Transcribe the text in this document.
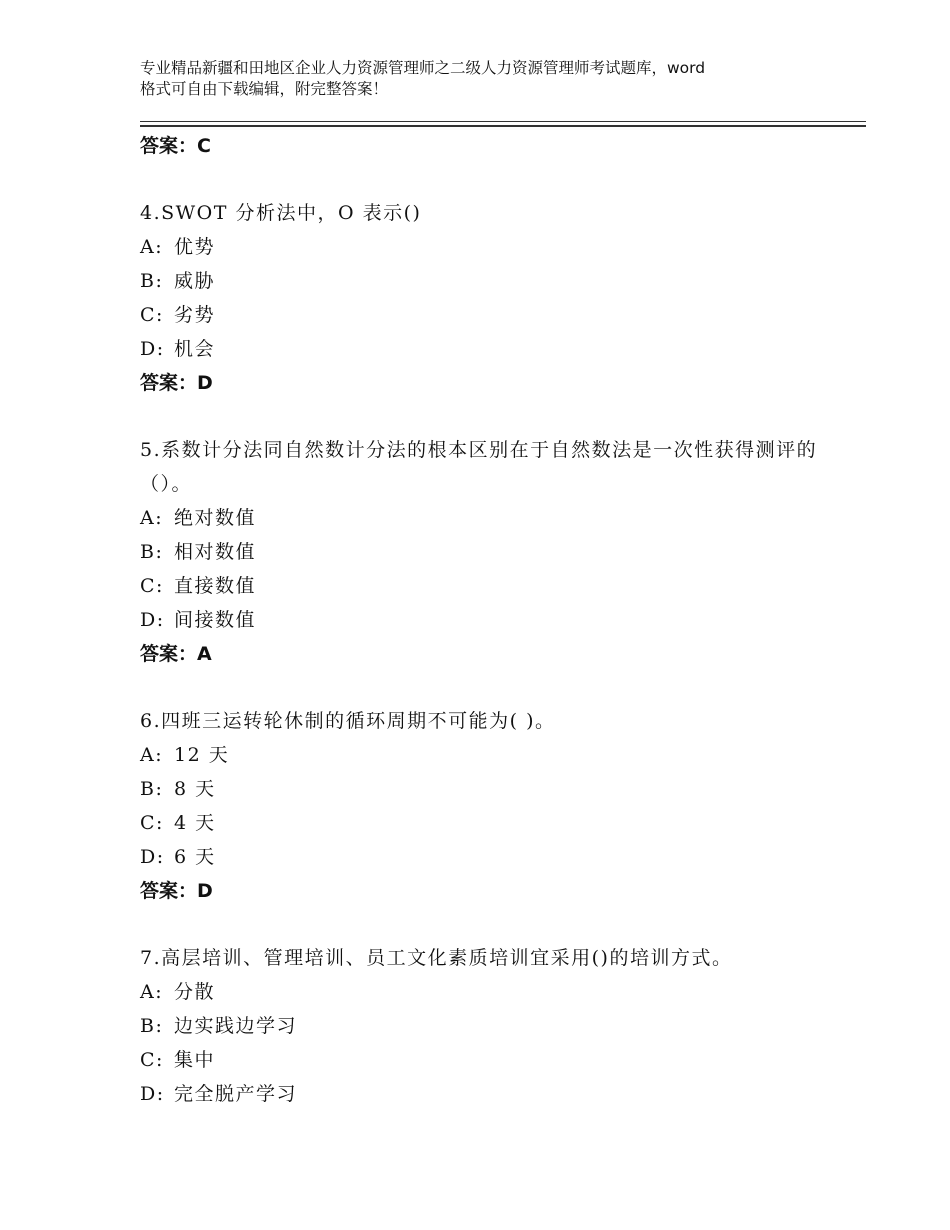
专业精品新疆和田地区企业人力资源管理师之二级人力资源管理师考试题库，word
格式可自由下载编辑，附完整答案！
答案：C
4.SWOT 分析法中，O 表示()
A: 优势
B: 威胁
C: 劣势
D: 机会
答案：D
5.系数计分法同自然数计分法的根本区别在于自然数法是一次性获得测评的（）。
A: 绝对数值
B: 相对数值
C: 直接数值
D: 间接数值
答案：A
6.四班三运转轮休制的循环周期不可能为( )。
A: 12 天
B: 8 天
C: 4 天
D: 6 天
答案：D
7.高层培训、管理培训、员工文化素质培训宜采用()的培训方式。
A: 分散
B: 边实践边学习
C: 集中
D: 完全脱产学习
